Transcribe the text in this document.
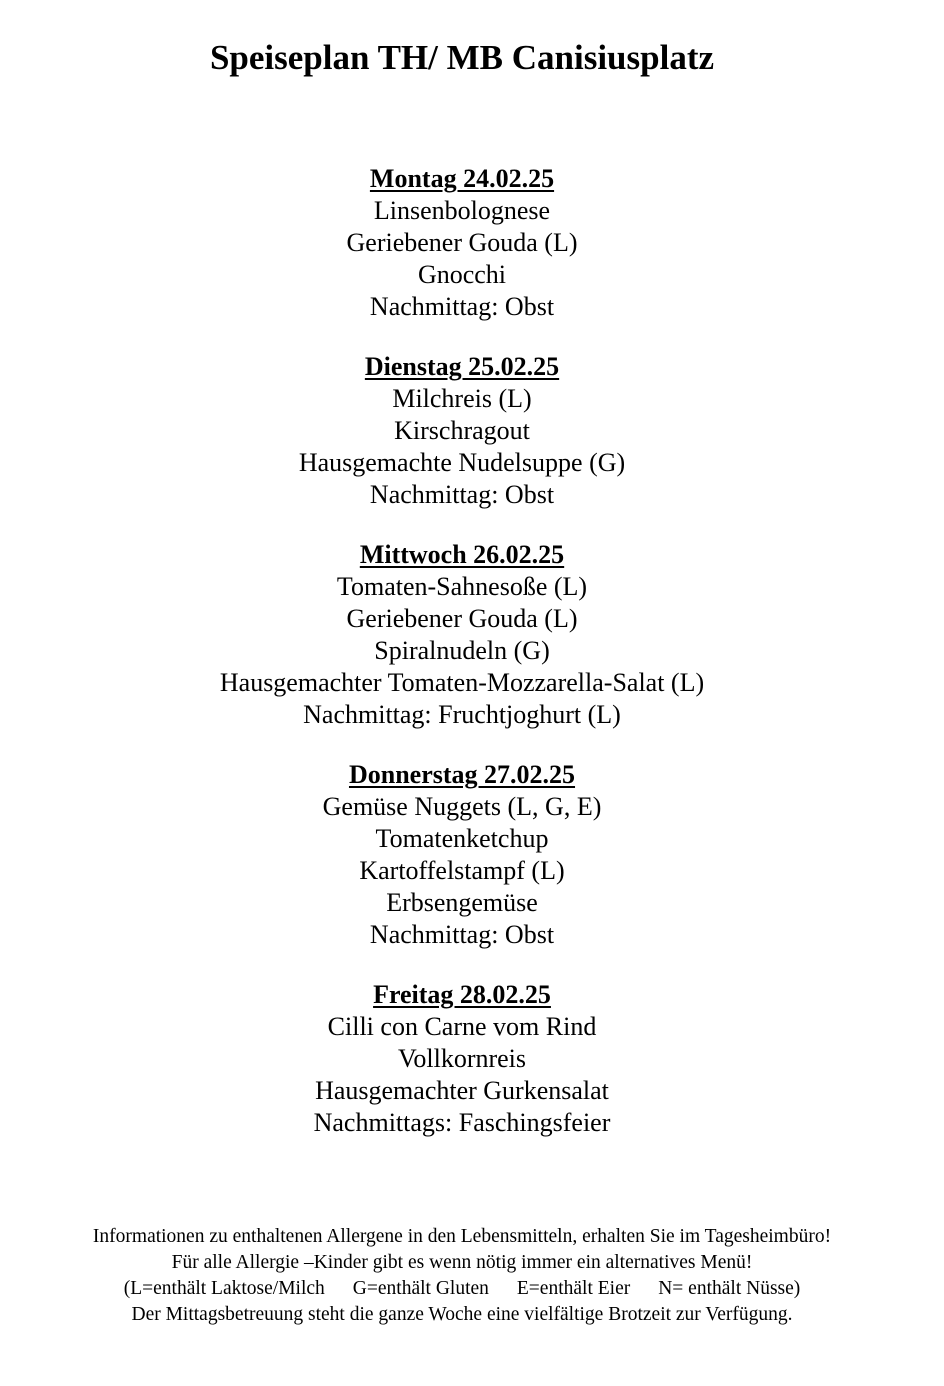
Speiseplan TH/ MB Canisiusplatz
Montag 24.02.25
Linsenbolognese
Geriebener Gouda (L)
Gnocchi
Nachmittag: Obst
Dienstag 25.02.25
Milchreis (L)
Kirschragout
Hausgemachte Nudelsuppe (G)
Nachmittag: Obst
Mittwoch 26.02.25
Tomaten-Sahnesoße (L)
Geriebener Gouda (L)
Spiralnudeln (G)
Hausgemachter Tomaten-Mozzarella-Salat (L)
Nachmittag: Fruchtjoghurt (L)
Donnerstag 27.02.25
Gemüse Nuggets (L, G, E)
Tomatenketchup
Kartoffelstampf (L)
Erbsengemüse
Nachmittag: Obst
Freitag 28.02.25
Cilli con Carne vom Rind
Vollkornreis
Hausgemachter Gurkensalat
Nachmittags: Faschingsfeier
Informationen zu enthaltenen Allergene in den Lebensmitteln, erhalten Sie im Tagesheimbüro!
Für alle Allergie –Kinder gibt es wenn nötig immer ein alternatives Menü!
(L=enthält Laktose/Milch G=enthält Gluten E=enthält Eier N= enthält Nüsse)
Der Mittagsbetreuung steht die ganze Woche eine vielfältige Brotzeit zur Verfügung.
